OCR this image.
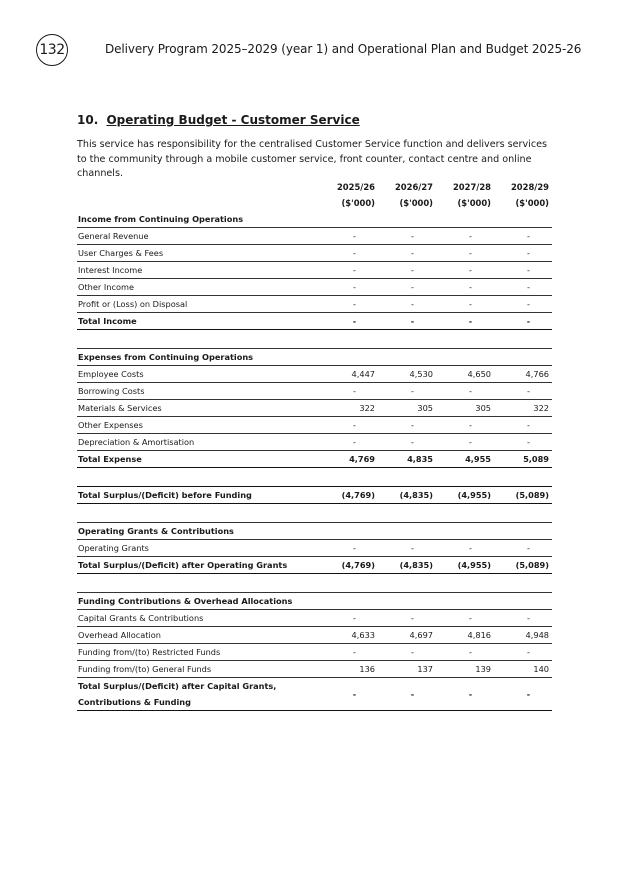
132	Delivery Program 2025–2029 (year 1) and Operational Plan and Budget 2025-26
10. Operating Budget - Customer Service
This service has responsibility for the centralised Customer Service function and delivers services to the community through a mobile customer service, front counter, contact centre and online channels.
	2025/26	2026/27	2027/28	2028/29
	($'000)	($'000)	($'000)	($'000)
Income from Continuing Operations				
General Revenue	-	-	-	-
User Charges & Fees	-	-	-	-
Interest Income	-	-	-	-
Other Income	-	-	-	-
Profit or (Loss) on Disposal	-	-	-	-
Total Income	-	-	-	-

Expenses from Continuing Operations				
Employee Costs	4,447	4,530	4,650	4,766
Borrowing Costs	-	-	-	-
Materials & Services	322	305	305	322
Other Expenses	-	-	-	-
Depreciation & Amortisation	-	-	-	-
Total Expense	4,769	4,835	4,955	5,089

Total Surplus/(Deficit) before Funding	(4,769)	(4,835)	(4,955)	(5,089)

Operating Grants & Contributions				
Operating Grants	-	-	-	-
Total Surplus/(Deficit) after Operating Grants	(4,769)	(4,835)	(4,955)	(5,089)

Funding Contributions & Overhead Allocations				
Capital Grants & Contributions	-	-	-	-
Overhead Allocation	4,633	4,697	4,816	4,948
Funding from/(to) Restricted Funds	-	-	-	-
Funding from/(to) General Funds	136	137	139	140

Total Surplus/(Deficit) after Capital Grants,
Contributions & Funding	-	-	-	-
